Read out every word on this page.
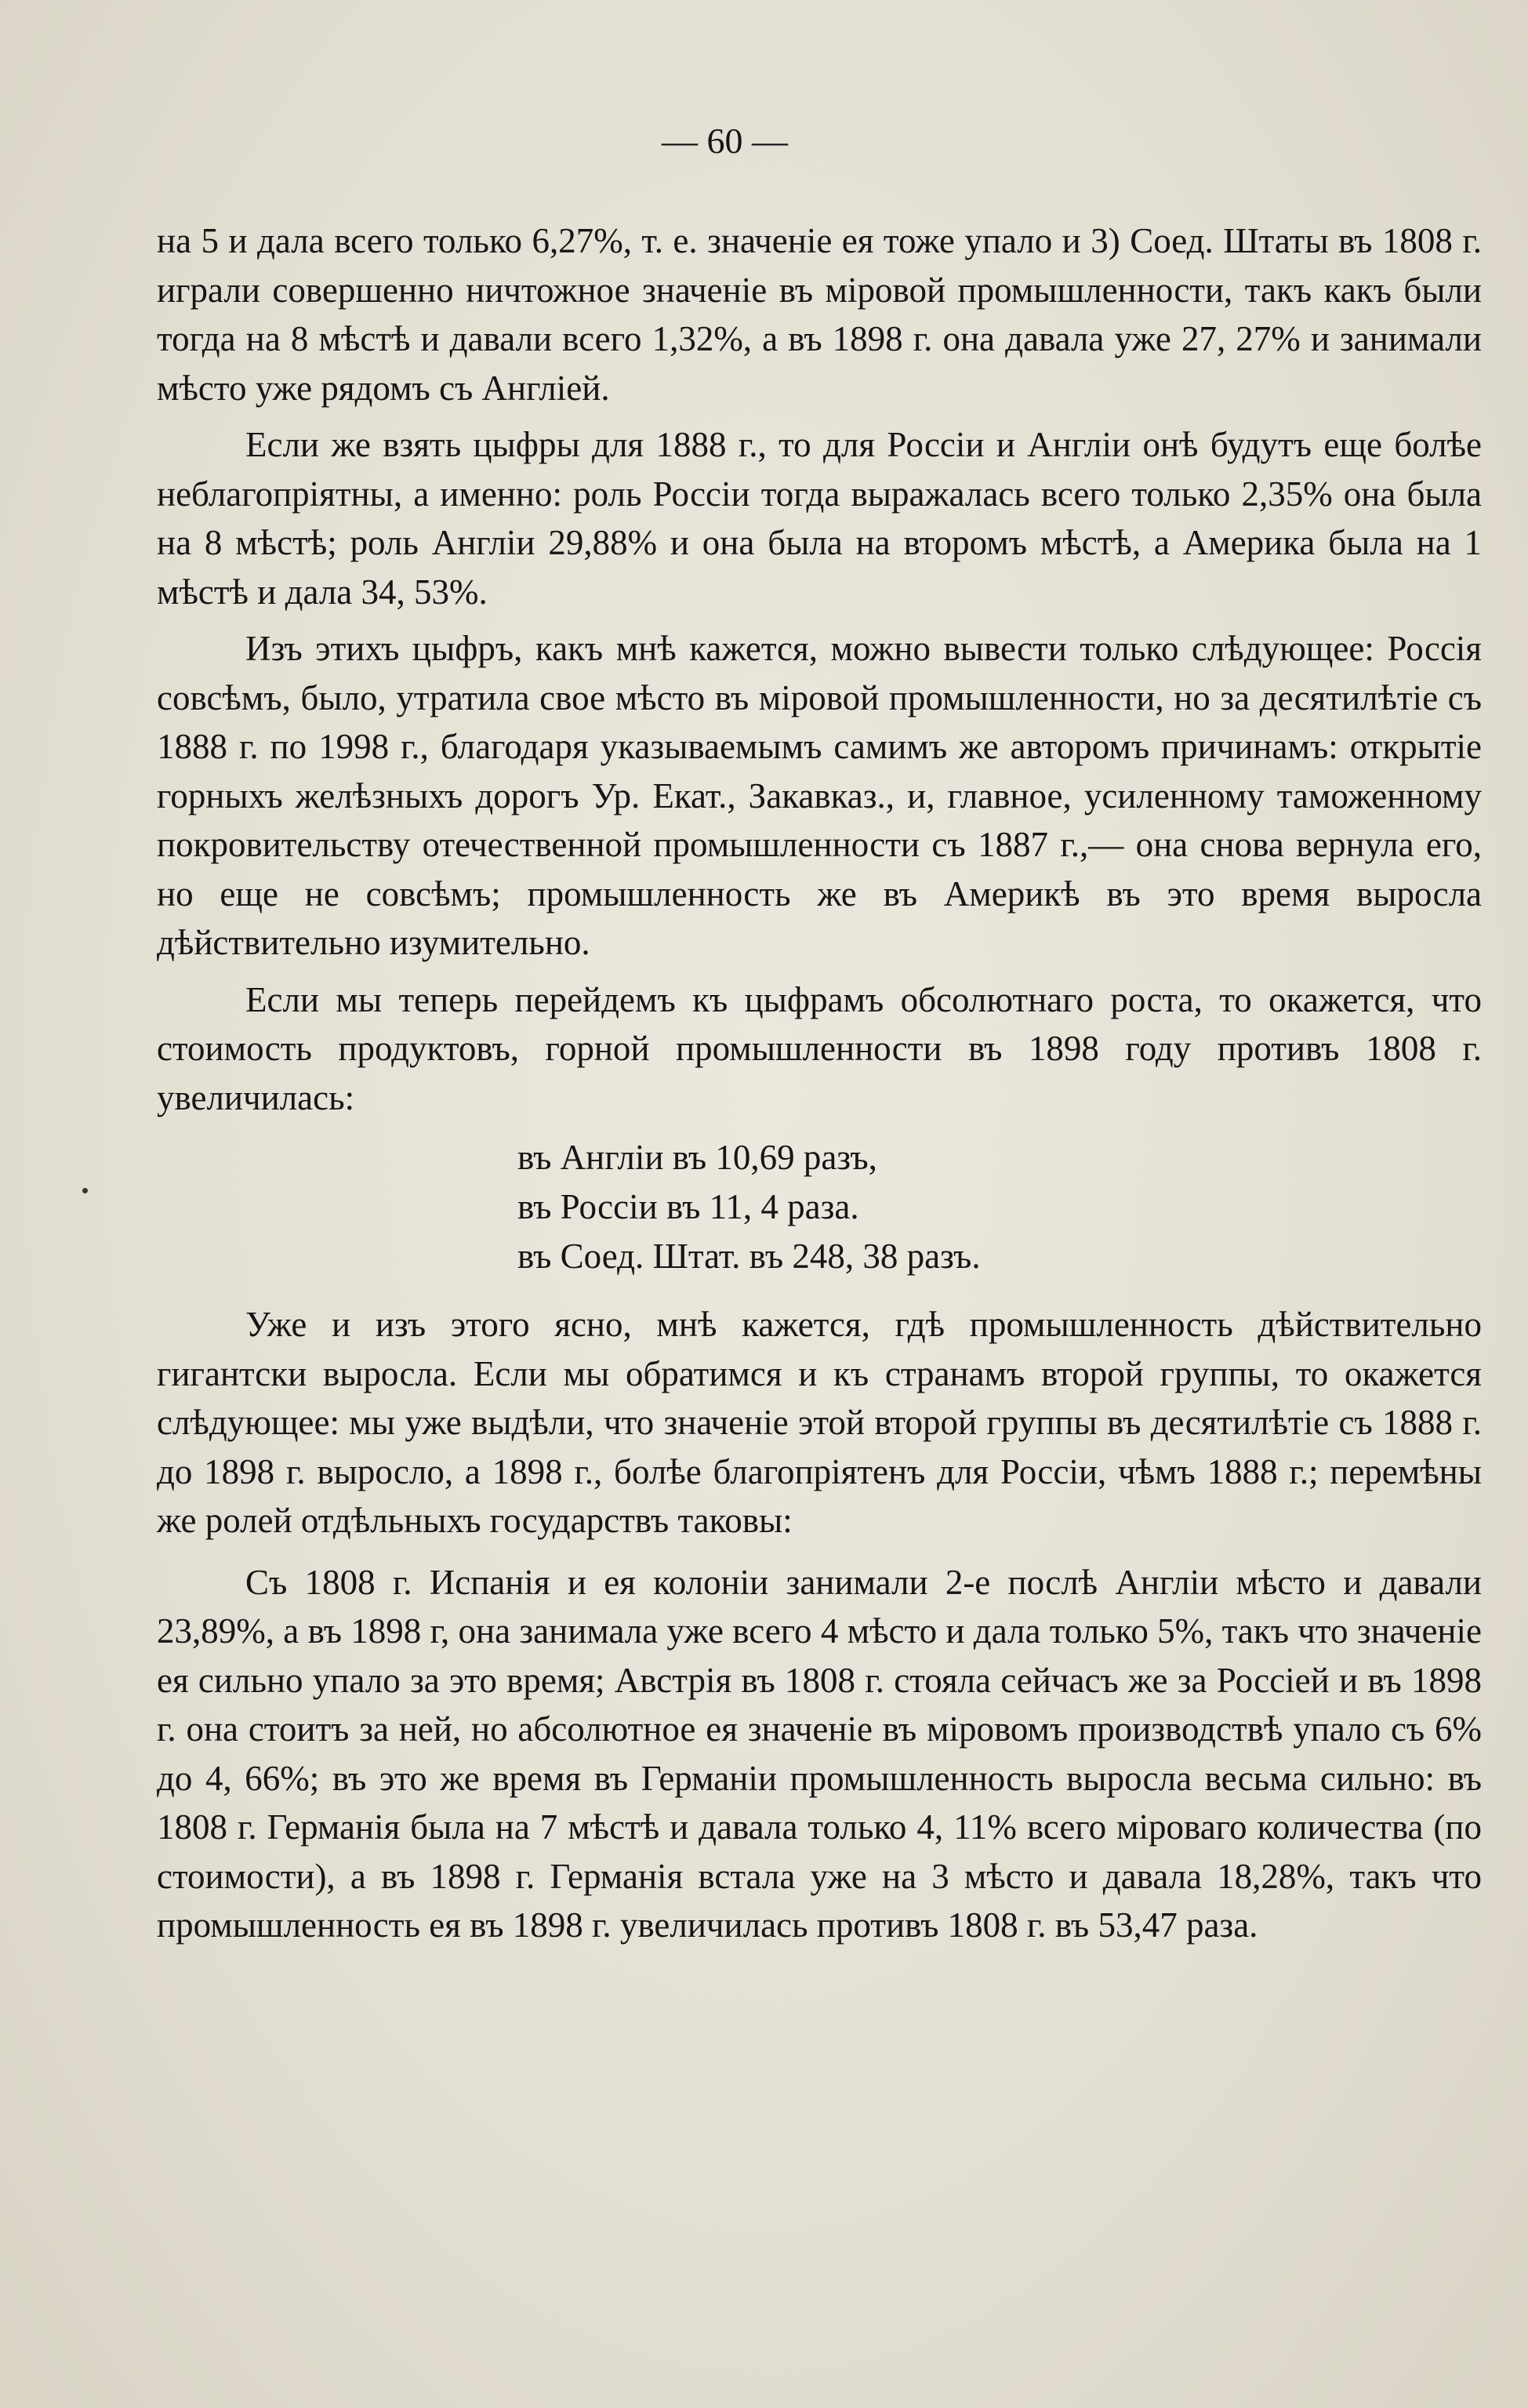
— 60 —

на 5 и дала всего только 6,27%, т. е. значеніе ея тоже упало и 3) Соед. Штаты въ 1808 г. играли совершенно ничтожное значеніе въ міровой промышленности, такъ какъ были тогда на 8 мѣстѣ и давали всего 1,32%, а въ 1898 г. она давала уже 27, 27% и занимали мѣсто уже рядомъ съ Англіей.

Если же взять цыфры для 1888 г., то для Россіи и Англіи онѣ будутъ еще болѣе неблагопріятны, а именно: роль Россіи тогда выражалась всего только 2,35% она была на 8 мѣстѣ; роль Англіи 29,88% и она была на второмъ мѣстѣ, а Америка была на 1 мѣстѣ и дала 34, 53%.

Изъ этихъ цыфръ, какъ мнѣ кажется, можно вывести только слѣдующее: Россія совсѣмъ, было, утратила свое мѣсто въ міровой промышленности, но за десятилѣтіе съ 1888 г. по 1998 г., благодаря указываемымъ самимъ же авторомъ причинамъ: открытіе горныхъ желѣзныхъ дорогъ Ур. Екат., Закавказ., и, главное, усиленному таможенному покровительству отечественной промышленности съ 1887 г.,— она снова вернула его, но еще не совсѣмъ; промышленность же въ Америкѣ въ это время выросла дѣйствительно изумительно.

Если мы теперь перейдемъ къ цыфрамъ обсолютнаго роста, то окажется, что стоимость продуктовъ, горной промышленности въ 1898 году противъ 1808 г. увеличилась:

въ Англіи въ 10,69 разъ,
въ Россіи въ 11, 4 раза.
въ Соед. Штат. въ 248, 38 разъ.

Уже и изъ этого ясно, мнѣ кажется, гдѣ промышленность дѣйствительно гигантски выросла. Если мы обратимся и къ странамъ второй группы, то окажется слѣдующее: мы уже выдѣли, что значеніе этой второй группы въ десятилѣтіе съ 1888 г. до 1898 г. выросло, а 1898 г., болѣе благопріятенъ для Россіи, чѣмъ 1888 г.; перемѣны же ролей отдѣльныхъ государствъ таковы:

Съ 1808 г. Испанія и ея колоніи занимали 2-е послѣ Англіи мѣсто и давали 23,89%, а въ 1898 г, она занимала уже всего 4 мѣсто и дала только 5%, такъ что значеніе ея сильно упало за это время; Австрія въ 1808 г. стояла сейчасъ же за Россіей и въ 1898 г. она стоитъ за ней, но абсолютное ея значеніе въ міровомъ производствѣ упало съ 6% до 4, 66%; въ это же время въ Германіи промышленность выросла весьма сильно: въ 1808 г. Германія была на 7 мѣстѣ и давала только 4, 11% всего міроваго количества (по стоимости), а въ 1898 г. Германія встала уже на 3 мѣсто и давала 18,28%, такъ что промышленность ея въ 1898 г. увеличилась противъ 1808 г. въ 53,47 раза.
